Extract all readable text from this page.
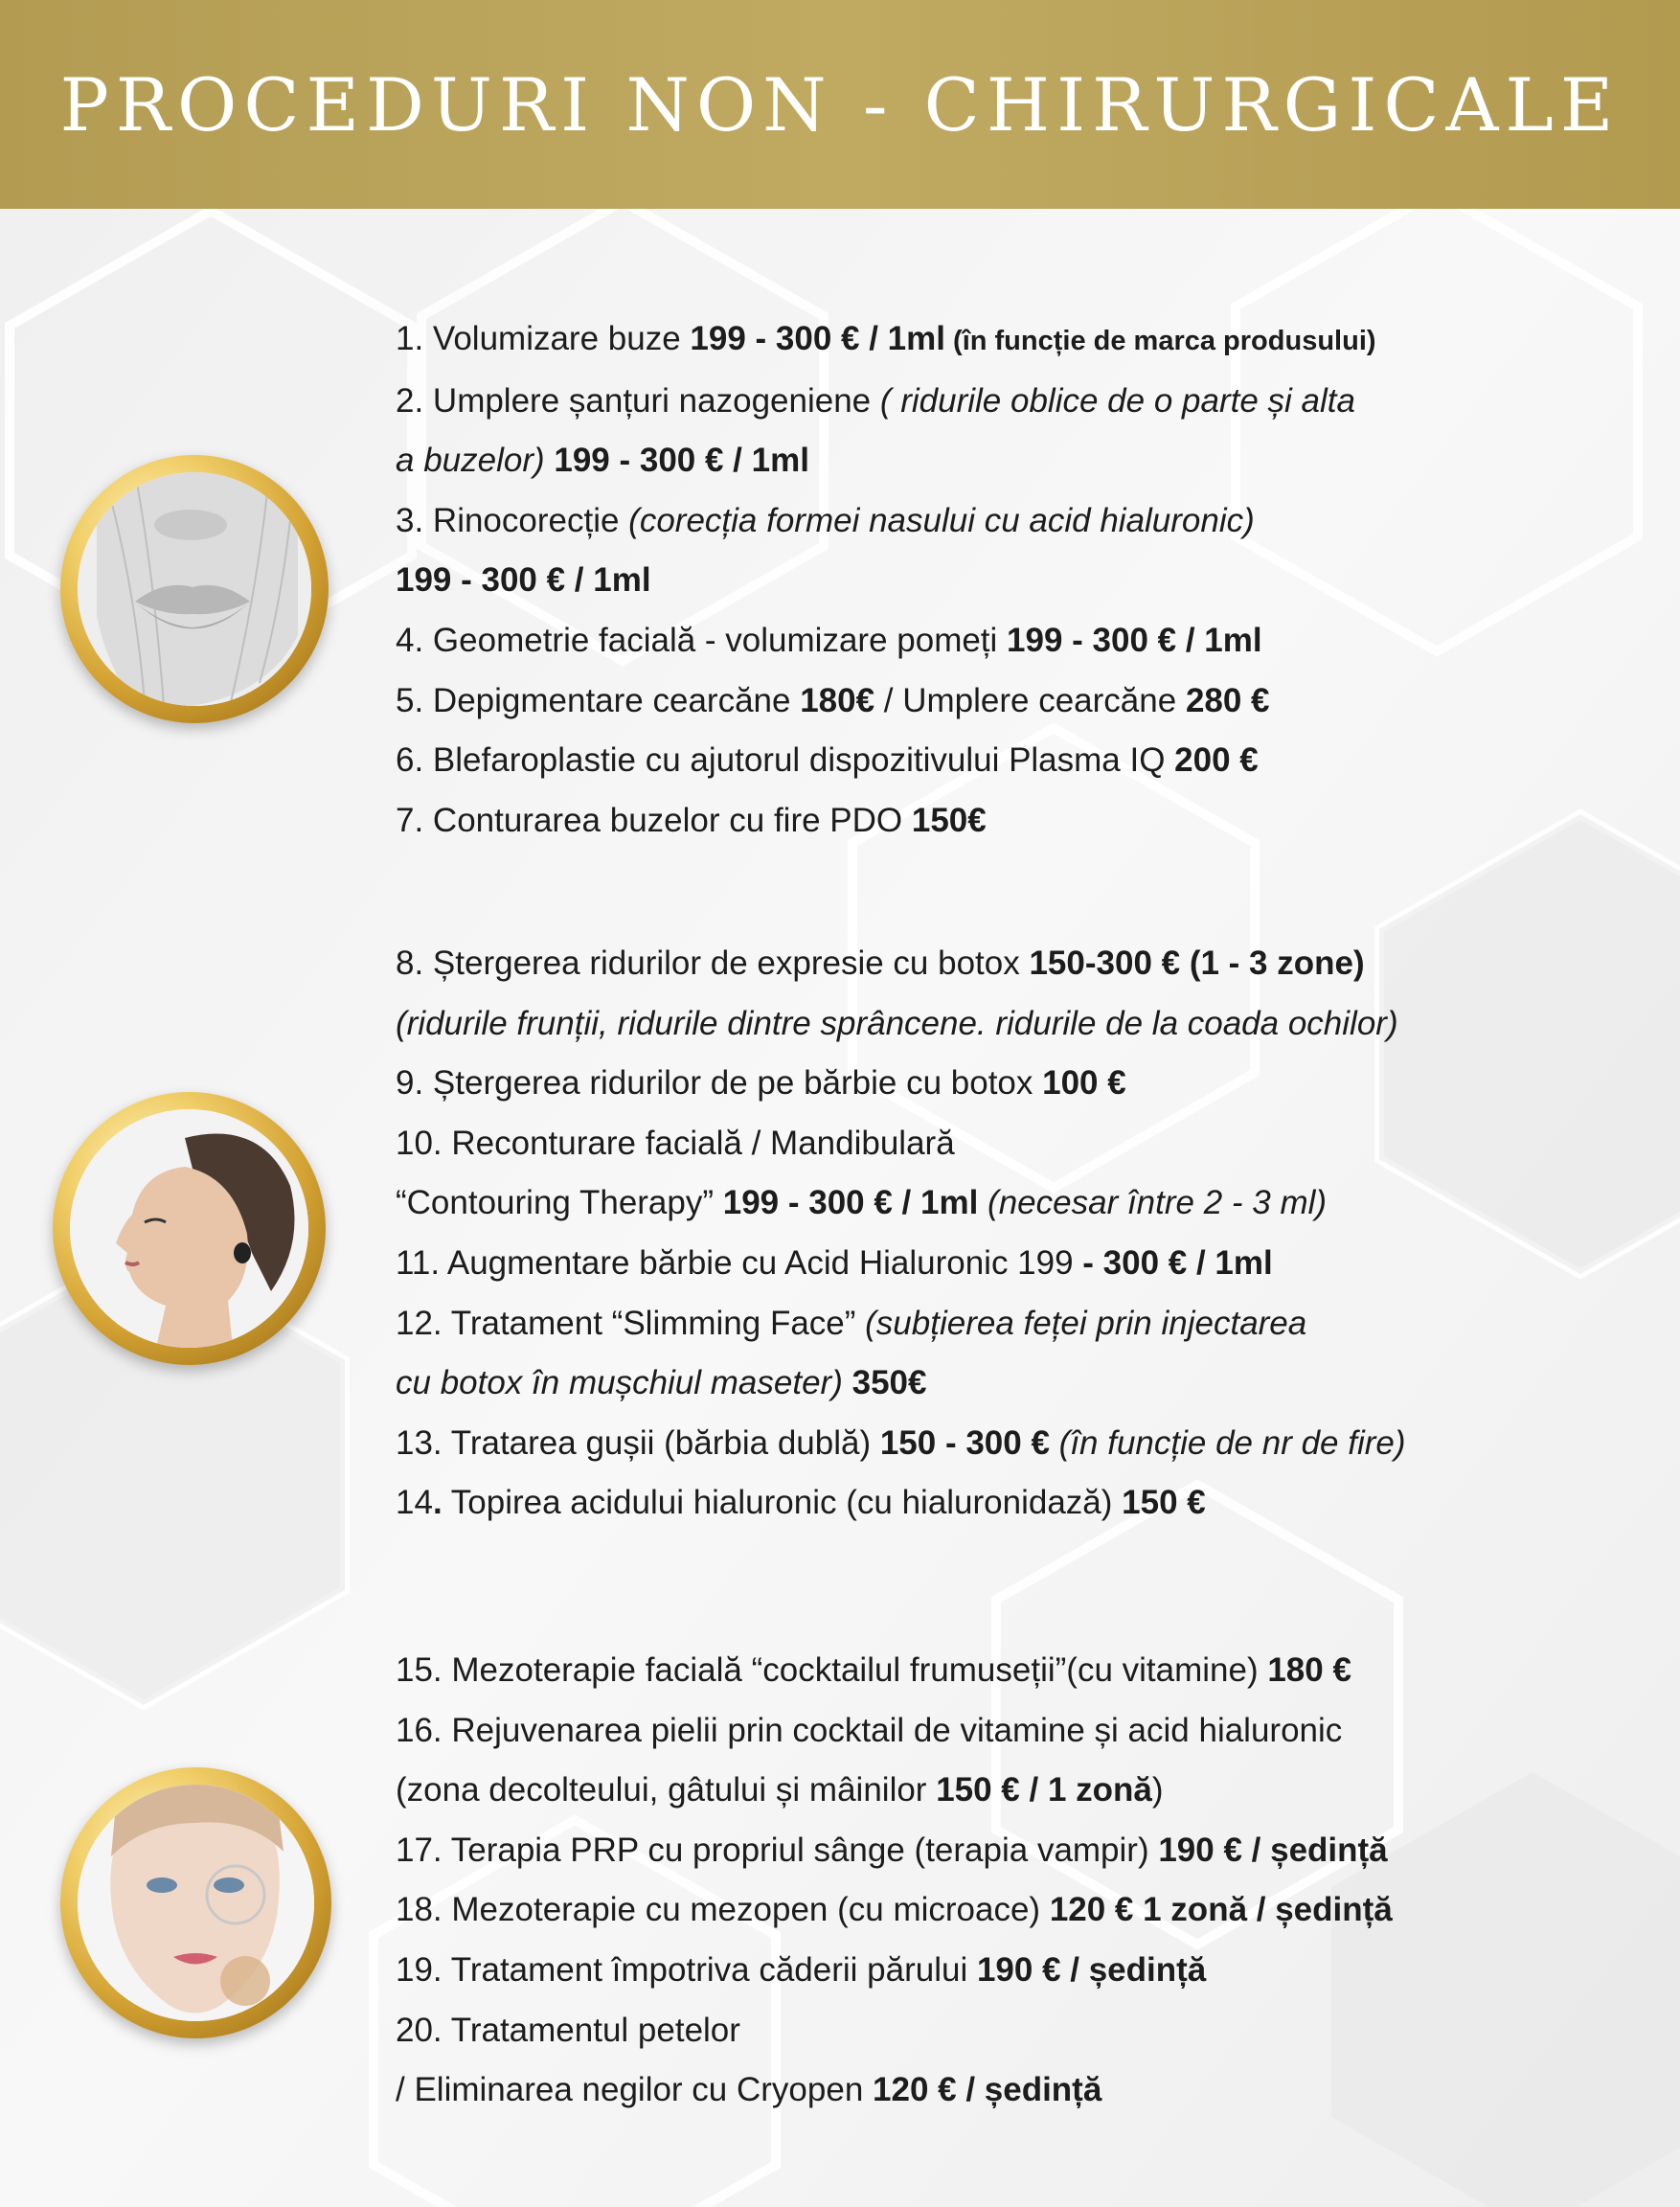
PROCEDURI NON - CHIRURGICALE
1. Volumizare buze 199 - 300 € / 1ml (în funcție de marca produsului)
2. Umplere șanțuri nazogeniene ( ridurile oblice de o parte și alta
a buzelor) 199 - 300 € / 1ml
3. Rinocorecție (corecția formei nasului cu acid hialuronic)
199 - 300 € / 1ml
4. Geometrie facială - volumizare pomeți 199 - 300 € / 1ml
5. Depigmentare cearcăne 180€ / Umplere cearcăne 280 €
6. Blefaroplastie cu ajutorul dispozitivului Plasma IQ 200 €
7. Conturarea buzelor cu fire PDO 150€
8. Ștergerea ridurilor de expresie cu botox 150-300 € (1 - 3 zone)
(ridurile frunții, ridurile dintre sprâncene. ridurile de la coada ochilor)
9. Ștergerea ridurilor de pe bărbie cu botox 100 €
10. Reconturare facială / Mandibulară
“Contouring Therapy” 199 - 300 € / 1ml (necesar între 2 - 3 ml)
11. Augmentare bărbie cu Acid Hialuronic 199 - 300 € / 1ml
12. Tratament “Slimming Face” (subțierea feței prin injectarea
cu botox în mușchiul maseter) 350€
13. Tratarea gușii (bărbia dublă) 150 - 300 € (în funcție de nr de fire)
14. Topirea acidului hialuronic (cu hialuronidază) 150 €
15. Mezoterapie facială “cocktailul frumuseții”(cu vitamine) 180 €
16. Rejuvenarea pielii prin cocktail de vitamine și acid hialuronic
(zona decolteului, gâtului și mâinilor 150 € / 1 zonă)
17. Terapia PRP cu propriul sânge (terapia vampir) 190 € / ședință
18. Mezoterapie cu mezopen (cu microace) 120 € 1 zonă / ședință
19. Tratament împotriva căderii părului 190 € / ședință
20. Tratamentul petelor
/ Eliminarea negilor cu Cryopen 120 € / ședință
